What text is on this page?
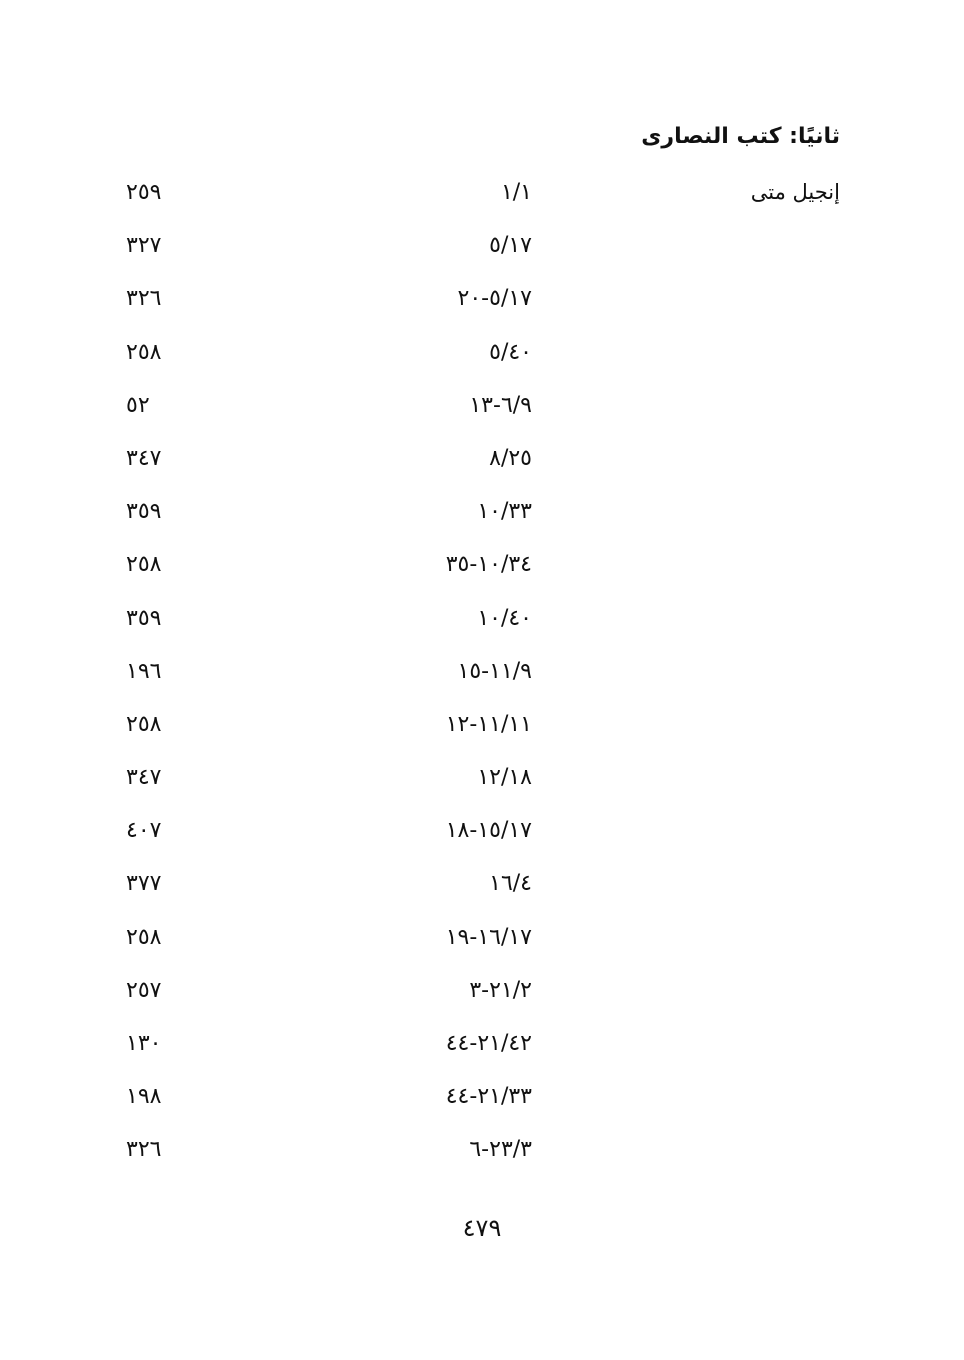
ثانيًا: كتب النصارى
إنجيل متى
١/١
٢٥٩
٥/١٧
٣٢٧
٥/١٧-٢٠
٣٢٦
٥/٤٠
٢٥٨
٦/٩-١٣
٥٢
٨/٢٥
٣٤٧
١٠/٣٣
٣٥٩
١٠/٣٤-٣٥
٢٥٨
١٠/٤٠
٣٥٩
١١/٩-١٥
١٩٦
١١/١١-١٢
٢٥٨
١٢/١٨
٣٤٧
١٥/١٧-١٨
٤٠٧
١٦/٤
٣٧٧
١٦/١٧-١٩
٢٥٨
٢١/٢-٣
٢٥٧
٢١/٤٢-٤٤
١٣٠
٢١/٣٣-٤٤
١٩٨
٢٣/٣-٦
٣٢٦
٤٧٩
